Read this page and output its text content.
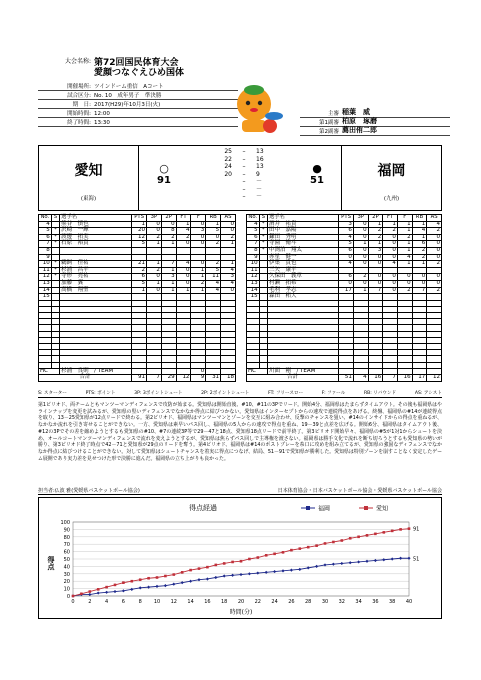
大会名称: 第72回国民体育大会
愛顔つなぐえひめ国体
開催場所: ツインドーム重信　Aコート
試合区分: No. 10　成年男子　準決勝
期　日: 2017(H29)年10月3日(火)
開始時間: 12:00
終了時間: 13:30
主審 稲葉　威
第1副審 柏原　琢磨
第2副審 薦田侑二郎
愛知
(東海)
○
91
25 – 13
22 – 16
24 – 13
20 – 9
– －
– －
– －
●
51
福岡
(九州)
No.	S	選手名	PTS	3P	2P	FT	F	RB	AS
4		熊谷　慎也	1	0	0	1	0	1	0
5	*	沢崎　一輝	20	0	8	4	3	5	0
6	*	渡邊　拓実	12	2	2	2	0	0	2
7	*	石原　裕貴	5	1	1	0	0	2	1
8									
9									
10	*	鵜飼　佳祐	21	1	7	4	0	2	1
11	*	杉浦　昌平	2	2	1	0	1	5	4
12	*	寺形　亮祐	6	0	3	0	1	11	3
13		加藤　翼	5	1	1	0	2	4	4
14		高橋　翔聖	1	0	1	1	1	4	0
15									

HC		杉浦　良則　/ TEAM					0		
合計			91	7	29	12	9	31	18
No.	S	選手名	PTS	3P	2P	FT	F	RB	AS
4	*	酒井　祐貴	3	0	1	1	1	1	4
5	*	田中　嘉陽	6	0	2	2	1	4	2
6	*	鎌田　秀明	4	0	2	0	2	1	0
7	*	寺園　脩斗	5	1	1	0	1	6	0
8	*	中渕泊　翔太	6	0	3	0	1	2	0
9		赤星　健一	0	0	0	0	4	2	0
10		伊集　貴也	4	0	0	4	1	1	2
11		三矢　康平							
12		久保田　義章	6	2	0	0	0	0	0
13		村瀬　拓希	0	0	0	0	0	0	0
14		毛利　孝志	17	1	7	0	2	7	2
15		森田　柘大							

HC		川面　剛　/ TEAM							
合計			51	4	16	7	16	17	12
S: スターター	PTS: ポイント	3P: 3ポイントシュート	2P: 2ポイントシュート	FT: フリースロー	F: ファール	RB: リバウンド	AS: アシスト
第1ピリオド、両チームともマンツーマンディフェンスで攻防が始まる。愛知県は開始直後、#10、#11の3Pでリード。開始4分、福岡県はたまらずタイムアウト。その後も福岡県はやラインナップを変更を試みるが、愛知県の堅いディフェンスでなかなか得点に結びつかない。愛知県はインターセプトからの速攻で連続得点をあげる。終盤、福岡県の#14が連続得点を取り、13－25愛知県が12点リードで終わる。第2ピリオド、福岡県はマンツーマンとゾーンを交互に組み合わせ、反撃のチャンスを狙い、#14のインサイドからの得点を重ねるが、なかなか流れを引き寄せることができない。一方、愛知県は素早いパス回し、福岡県の5人からの速攻で得点を重ね、19－39と点差を広げる。開始6分、福岡県はタイムアウト後、#12の3Pでその差を縮めようとするも愛知県の#10、#7の連続3P等で29－47と18点、愛知県18点リードで前半終了。第3ピリオド開始早々、福岡県の#5が1対1からシュートを決め、オールコートマンツーマンディフェンスで流れを変えようとするが、愛知県は焦らずパス回しで主導権を渡さない。福岡県は勝手文化で流れを断ち切ろうとするも愛知県の勢いが勝り、第3ピリオド終了時点で42－71と愛知県が29点のリードを奪う。第4ピリオド、福岡県は#14のポストプレーを糸口に攻めを組み立てるが、愛知県の強固なディフェンスでなかなか得点に結びつけることができない。対して愛知県はシュートチャンスを着実に得点につなげ、結局、51－91で愛知県が勝利した。愛知県は特別ゾーンを崩すことなく安定したゲーム展開であり実力差を見せつけた形で決勝に進んだ。福岡県の立ち上がりも良かった。
担当者:仏波 雅(愛媛県バスケットボール協会)	日本体育協会・日本バスケットボール協会・愛媛県バスケットボール協会
得点経過	福岡	愛知
0
10
20
30
40
50
60
70
80
90
100
0	2	4	6	8 10 12 14 16 18 20 22 24 26 28 30 32 34 36 38 40
時間(分)
得点
91
51
